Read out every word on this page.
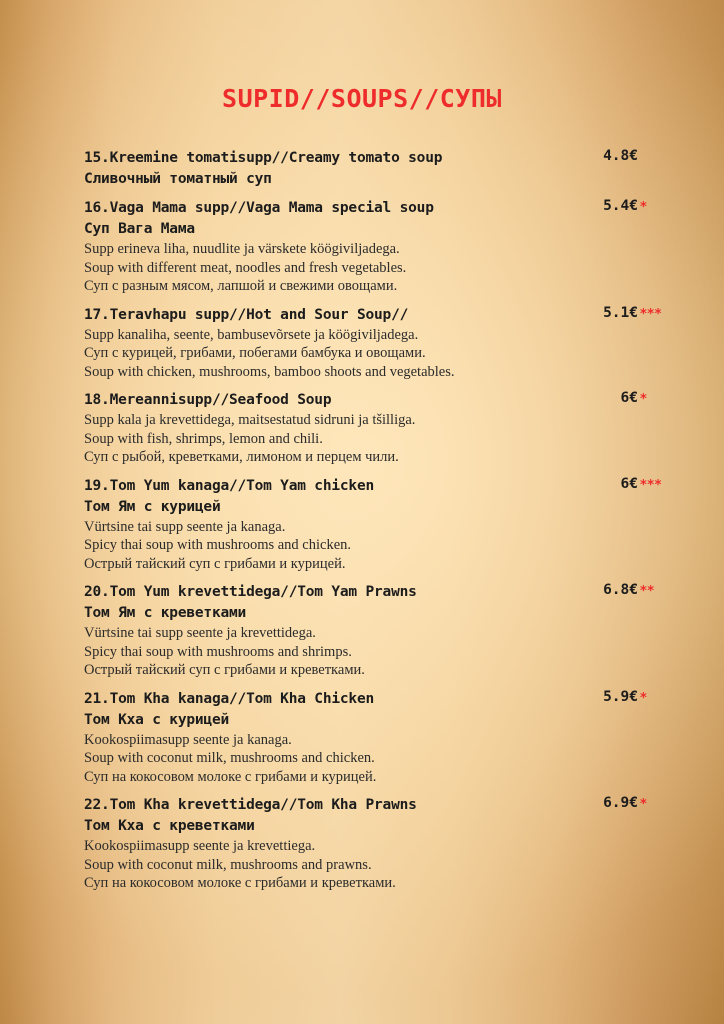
SUPID//SOUPS//СУПЫ
15.Kreemine tomatisupp//Creamy tomato soup	4.8€
Сливочный томатный суп
16.Vaga Mama supp//Vaga Mama special soup	5.4€ *
Суп Вага Мама
Supp erineva liha, nuudlite ja värskete köögiviljadega.
Soup with different meat, noodles and fresh vegetables.
Суп с разным мясом, лапшой и свежими овощами.
17.Teravhapu supp//Hot and Sour Soup//	5.1€ ***
Supp kanaliha, seente, bambusevõrsete ja köögiviljadega.
Суп с курицей, грибами, побегами бамбука и овощами.
Soup with chicken, mushrooms, bamboo shoots and vegetables.
18.Mereannisupp//Seafood Soup	6€ *
Supp kala ja krevettidega, maitsestatud sidruni ja tšilliga.
Soup with fish, shrimps, lemon and chili.
Суп с рыбой, креветками, лимоном и перцем чили.
19.Tom Yum kanaga//Tom Yam chicken	6€ ***
Том Ям с курицей
Vürtsine tai supp seente ja kanaga.
Spicy thai soup with mushrooms and chicken.
Острый тайский суп с грибами и курицей.
20.Tom Yum krevettidega//Tom Yam Prawns	6.8€ **
Том Ям с креветками
Vürtsine tai supp seente ja krevettidega.
Spicy thai soup with mushrooms and shrimps.
Острый тайский суп с грибами и креветками.
21.Tom Kha kanaga//Tom Kha Chicken	5.9€ *
Том Кха с курицей
Kookospiimasupp seente ja kanaga.
Soup with coconut milk, mushrooms and chicken.
Суп на кокосовом молоке с грибами и курицей.
22.Tom Kha krevettidega//Tom Kha Prawns	6.9€ *
Том Кха с креветками
Kookospiimasupp seente ja krevettiega.
Soup with coconut milk, mushrooms and prawns.
Суп на кокосовом молоке с грибами и креветками.
